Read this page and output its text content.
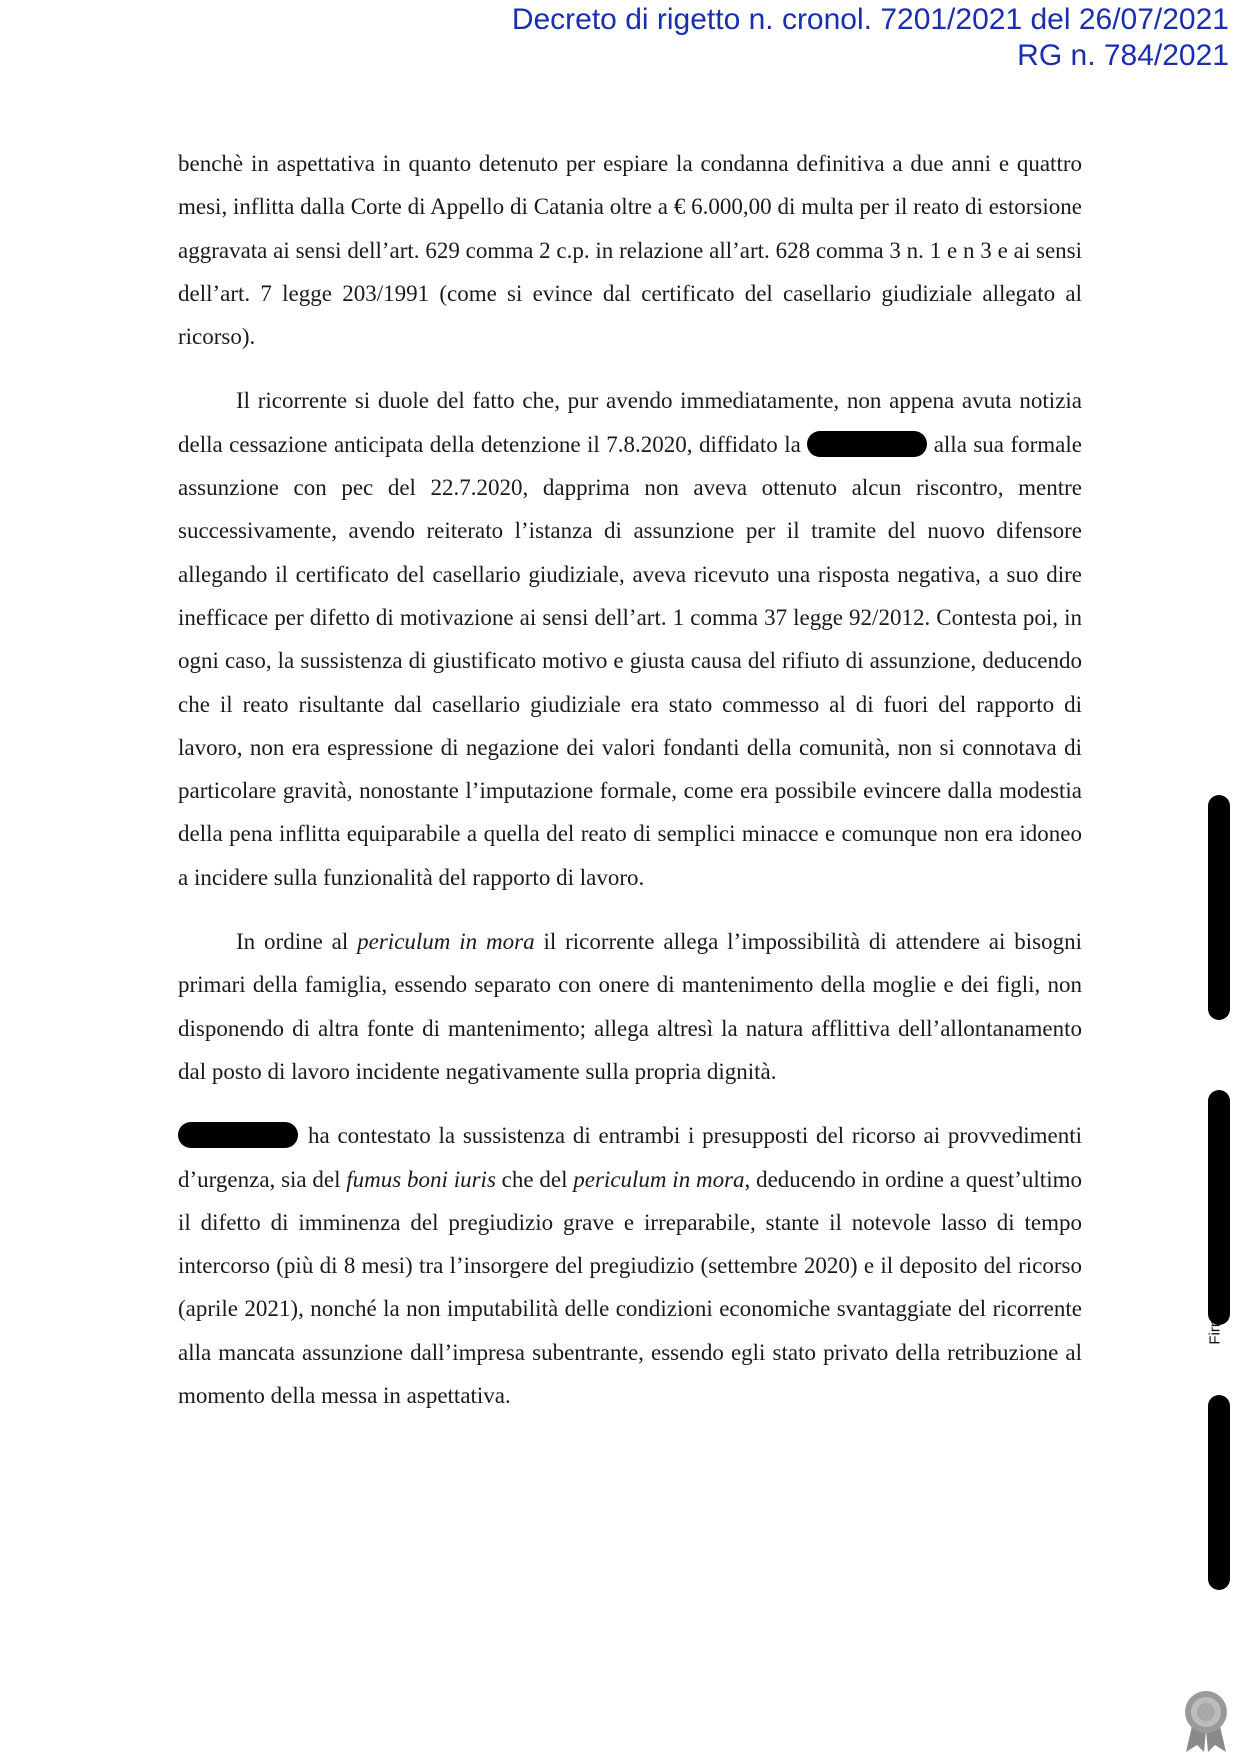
Decreto di rigetto n. cronol. 7201/2021 del 26/07/2021
RG n. 784/2021

benchè in aspettativa in quanto detenuto per espiare la condanna definitiva a due anni e quattro mesi, inflitta dalla Corte di Appello di Catania oltre a € 6.000,00 di multa per il reato di estorsione aggravata ai sensi dell’art. 629 comma 2 c.p. in relazione all’art. 628 comma 3 n. 1 e n 3 e ai sensi dell’art. 7 legge 203/1991 (come si evince dal certificato del casellario giudiziale allegato al ricorso).

Il ricorrente si duole del fatto che, pur avendo immediatamente, non appena avuta notizia della cessazione anticipata della detenzione il 7.8.2020, diffidato la	alla sua formale assunzione con pec del 22.7.2020, dapprima non aveva ottenuto alcun riscontro, mentre successivamente, avendo reiterato l’istanza di assunzione per il tramite del nuovo difensore allegando il certificato del casellario giudiziale, aveva ricevuto una risposta negativa, a suo dire inefficace per difetto di motivazione ai sensi dell’art. 1 comma 37 legge 92/2012. Contesta poi, in ogni caso, la sussistenza di giustificato motivo e giusta causa del rifiuto di assunzione, deducendo che il reato risultante dal casellario giudiziale era stato commesso al di fuori del rapporto di lavoro, non era espressione di negazione dei valori fondanti della comunità, non si connotava di particolare gravità, nonostante l’imputazione formale, come era possibile evincere dalla modestia della pena inflitta equiparabile a quella del reato di semplici minacce e comunque non era idoneo a incidere sulla funzionalità del rapporto di lavoro.

In ordine al periculum in mora il ricorrente allega l’impossibilità di attendere ai bisogni primari della famiglia, essendo separato con onere di mantenimento della moglie e dei figli, non disponendo di altra fonte di mantenimento; allega altresì la natura afflittiva dell’allontanamento dal posto di lavoro incidente negativamente sulla propria dignità.

ha contestato la sussistenza di entrambi i presupposti del ricorso ai provvedimenti d’urgenza, sia del fumus boni iuris che del periculum in mora, deducendo in ordine a quest’ultimo il difetto di imminenza del pregiudizio grave e irreparabile, stante il notevole lasso di tempo intercorso (più di 8 mesi) tra l’insorgere del pregiudizio (settembre 2020) e il deposito del ricorso (aprile 2021), nonché la non imputabilità delle condizioni economiche svantaggiate del ricorrente alla mancata assunzione dall’impresa subentrante, essendo egli stato privato della retribuzione al momento della messa in aspettativa.
